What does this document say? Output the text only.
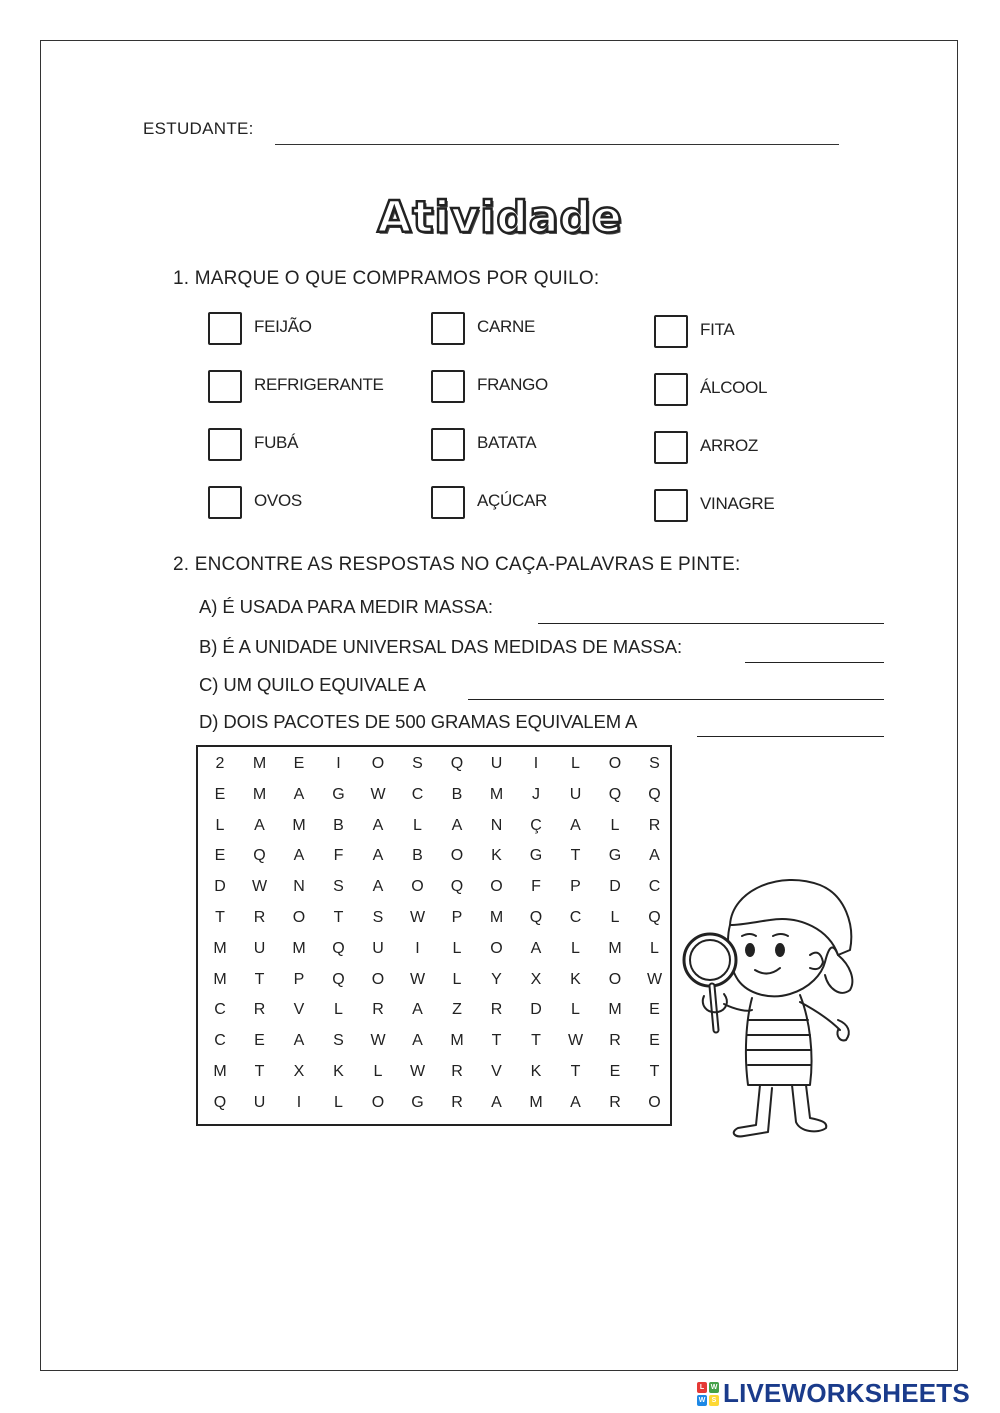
ESTUDANTE:
Atividade
1. MARQUE O QUE COMPRAMOS POR QUILO:
FEIJÃO	CARNE	FITA
REFRIGERANTE	FRANGO	ÁLCOOL
FUBÁ	BATATA	ARROZ
OVOS	AÇÚCAR	VINAGRE
2. ENCONTRE AS RESPOSTAS NO CAÇA-PALAVRAS E PINTE:
A) É USADA PARA MEDIR MASSA:
B) É A UNIDADE UNIVERSAL DAS MEDIDAS DE MASSA:
C) UM QUILO EQUIVALE A
D) DOIS PACOTES DE 500 GRAMAS EQUIVALEM A
2	M	E	I	O	S	Q	U	I	L	O	S
E	M	A	G	W	C	B	M	J	U	Q	Q
L	A	M	B	A	L	A	N	Ç	A	L	R
E	Q	A	F	A	B	O	K	G	T	G	A
D	W	N	S	A	O	Q	O	F	P	D	C
T	R	O	T	S	W	P	M	Q	C	L	Q
M	U	M	Q	U	I	L	O	A	L	M	L
M	T	P	Q	O	W	L	Y	X	K	O	W
C	R	V	L	R	A	Z	R	D	L	M	E
C	E	A	S	W	A	M	T	T	W	R	E
M	T	X	K	L	W	R	V	K	T	E	T
Q	U	I	L	O	G	R	A	M	A	R	O
L W
W S LIVEWORKSHEETS
